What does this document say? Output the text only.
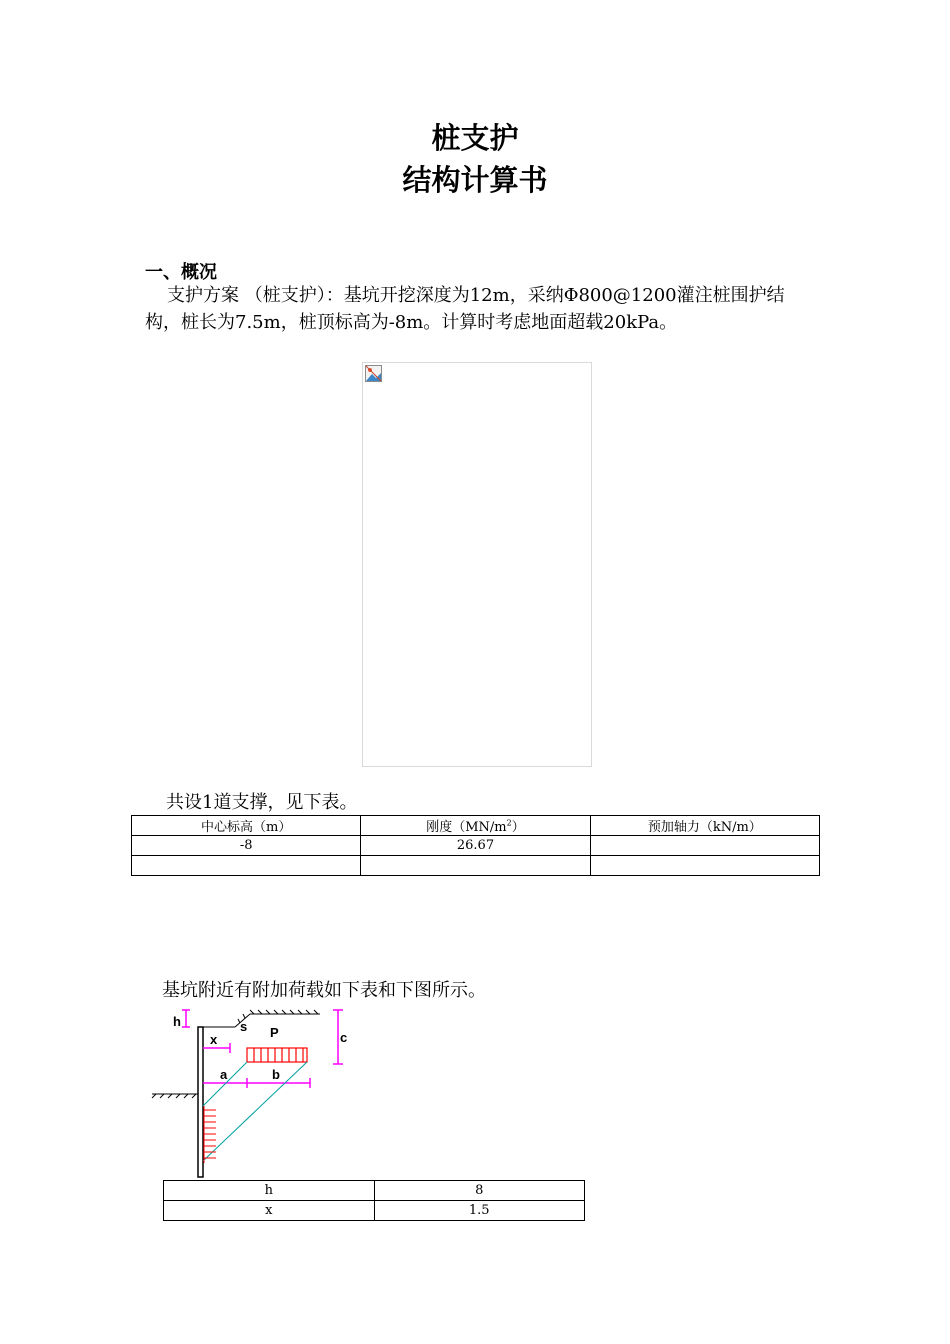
桩支护
结构计算书
一、概况
支护方案 （桩支护）：基坑开挖深度为12m，采纳Φ800@1200灌注桩围护结构，桩长为7.5m，桩顶标高为-8m。计算时考虑地面超载20kPa。
共设1道支撑，见下表。
中心标高（m）	刚度$(MN/m^2)$	预加轴力（kN/m）
-8	26.67	

基坑附近有附加荷载如下表和下图所示。
h	s
c
x	P
a	b
h	8
x	1.5
